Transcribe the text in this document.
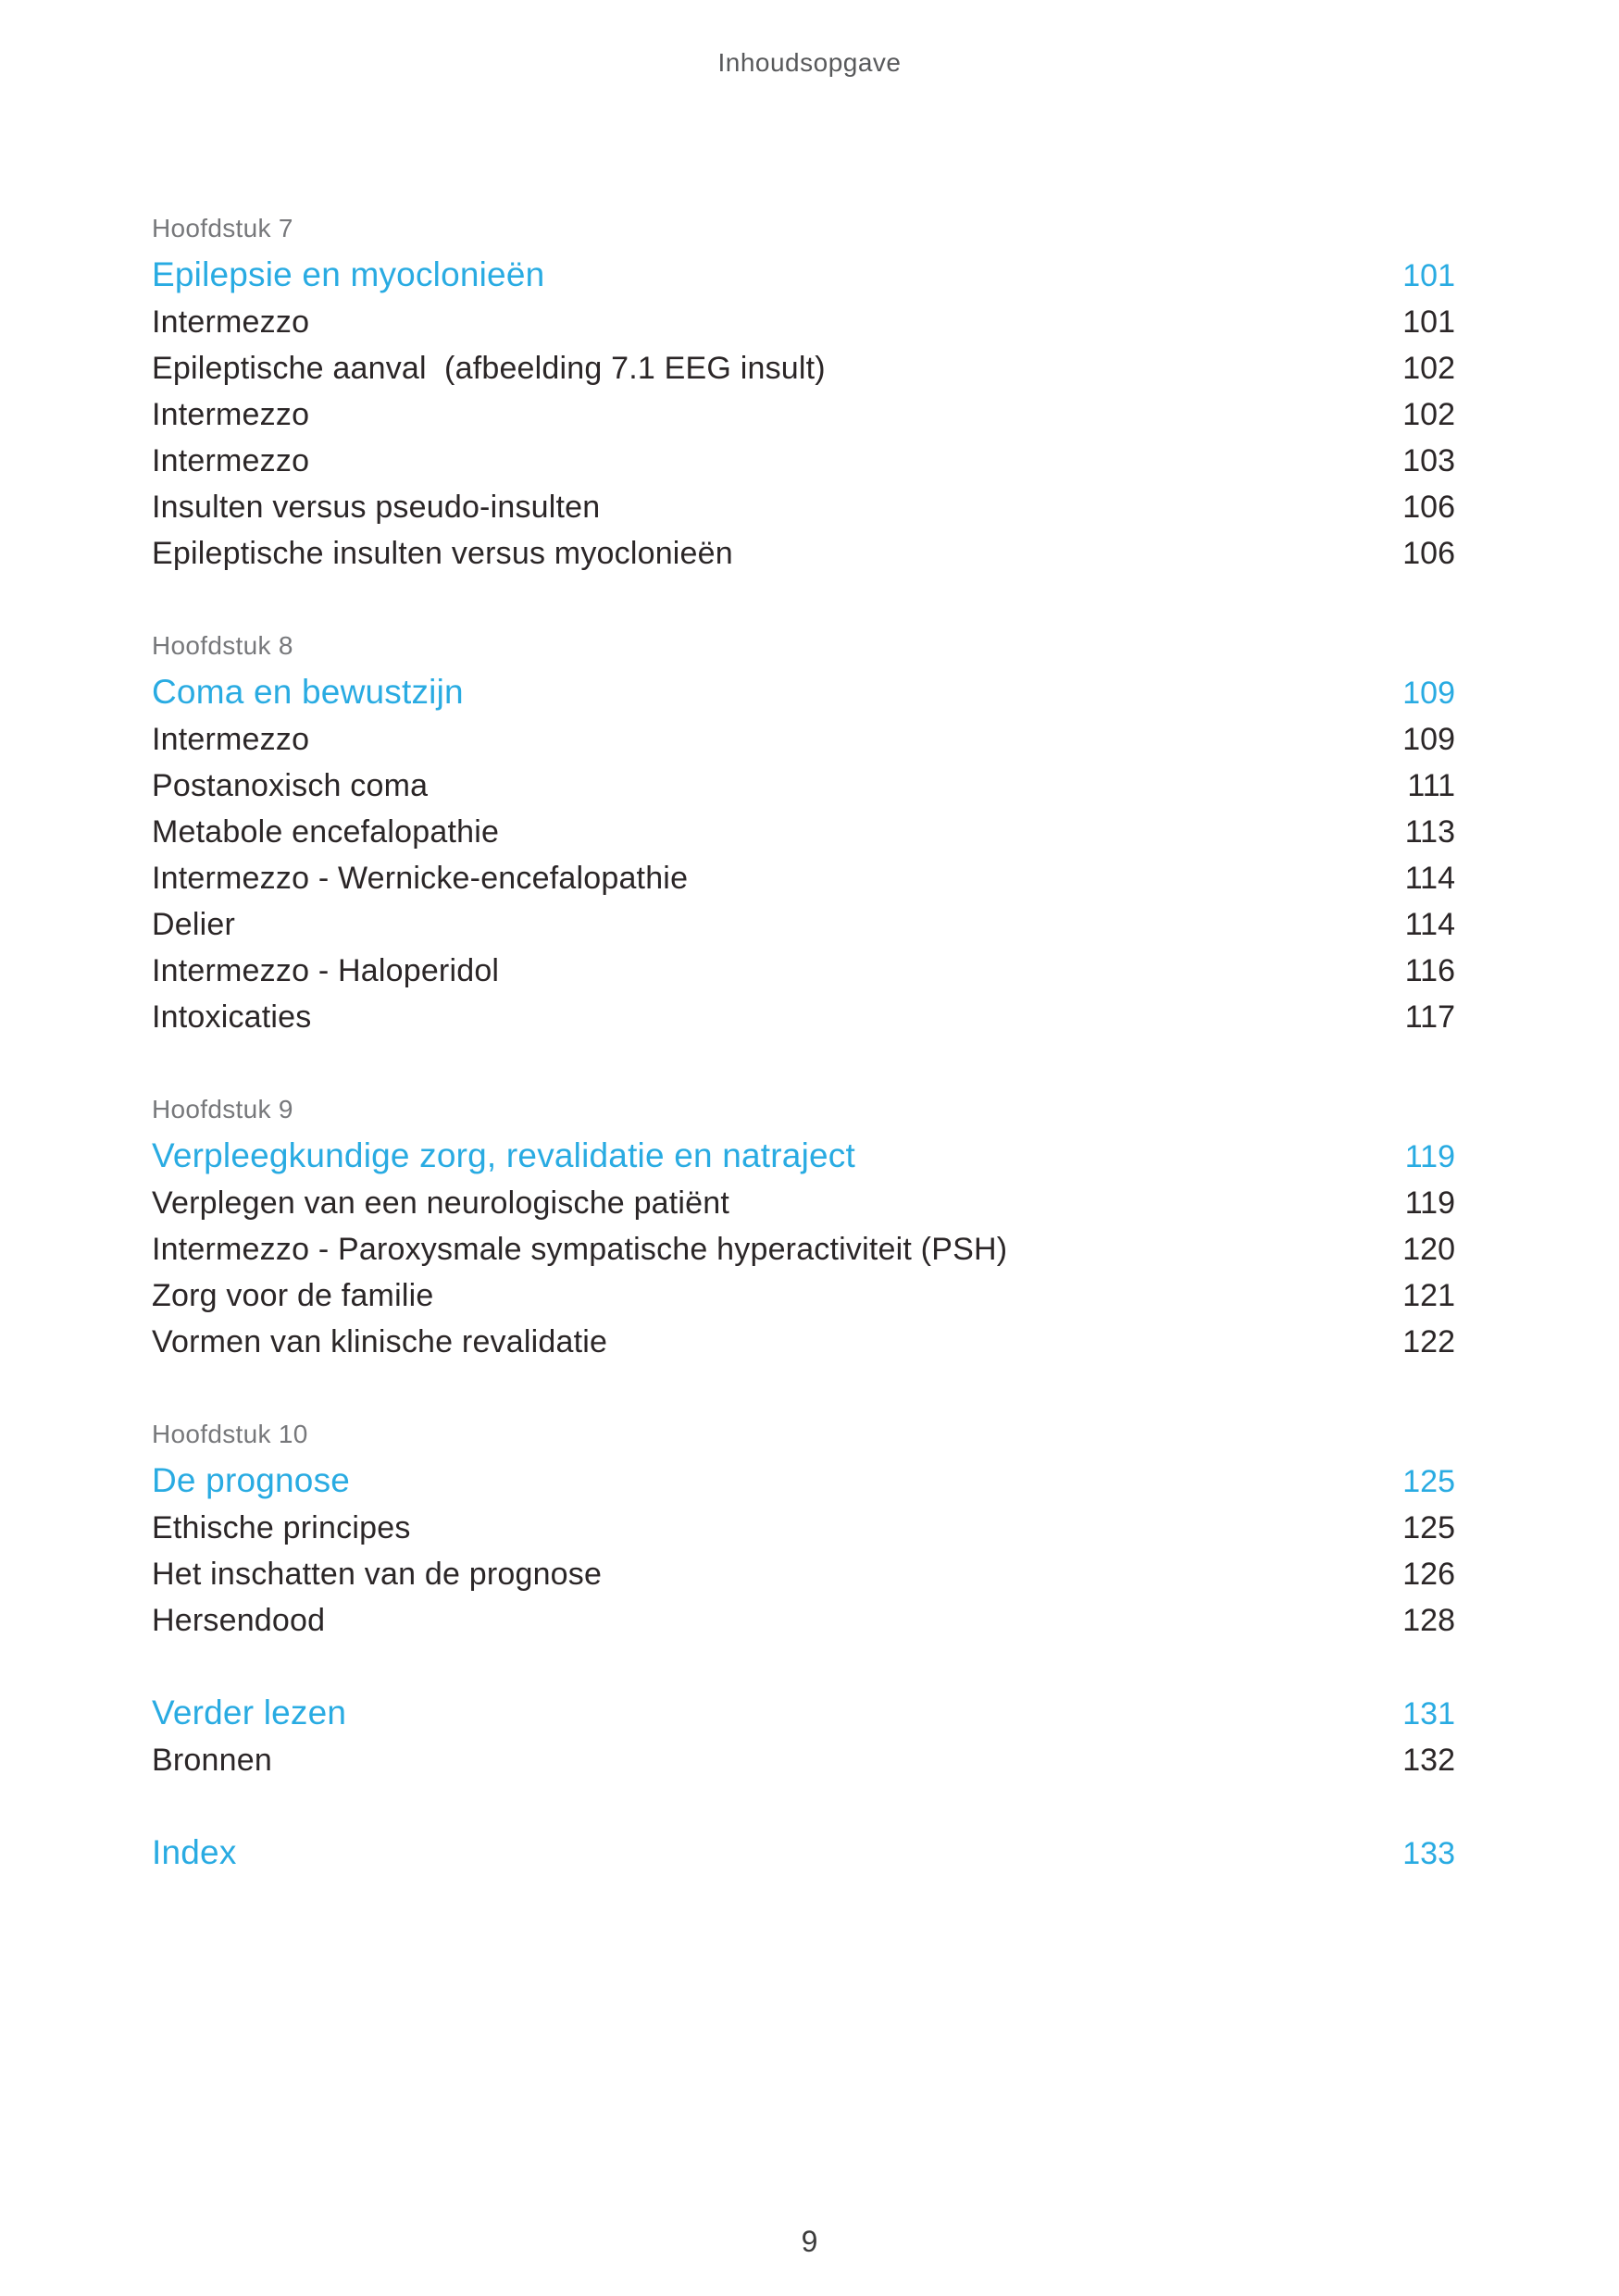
Inhoudsopgave
Hoofdstuk 7
Epilepsie en myoclonieën	101
Intermezzo	101
Epileptische aanval  (afbeelding 7.1 EEG insult)	102
Intermezzo	102
Intermezzo	103
Insulten versus pseudo-insulten	106
Epileptische insulten versus myoclonieën	106
Hoofdstuk 8
Coma en bewustzijn	109
Intermezzo	109
Postanoxisch coma	111
Metabole encefalopathie	113
Intermezzo - Wernicke-encefalopathie	114
Delier	114
Intermezzo - Haloperidol	116
Intoxicaties	117
Hoofdstuk 9
Verpleegkundige zorg, revalidatie en natraject	119
Verplegen van een neurologische patiënt	119
Intermezzo - Paroxysmale sympatische hyperactiviteit (PSH)	120
Zorg voor de familie	121
Vormen van klinische revalidatie	122
Hoofdstuk 10
De prognose	125
Ethische principes	125
Het inschatten van de prognose	126
Hersendood	128
Verder lezen	131
Bronnen	132
Index	133
9
